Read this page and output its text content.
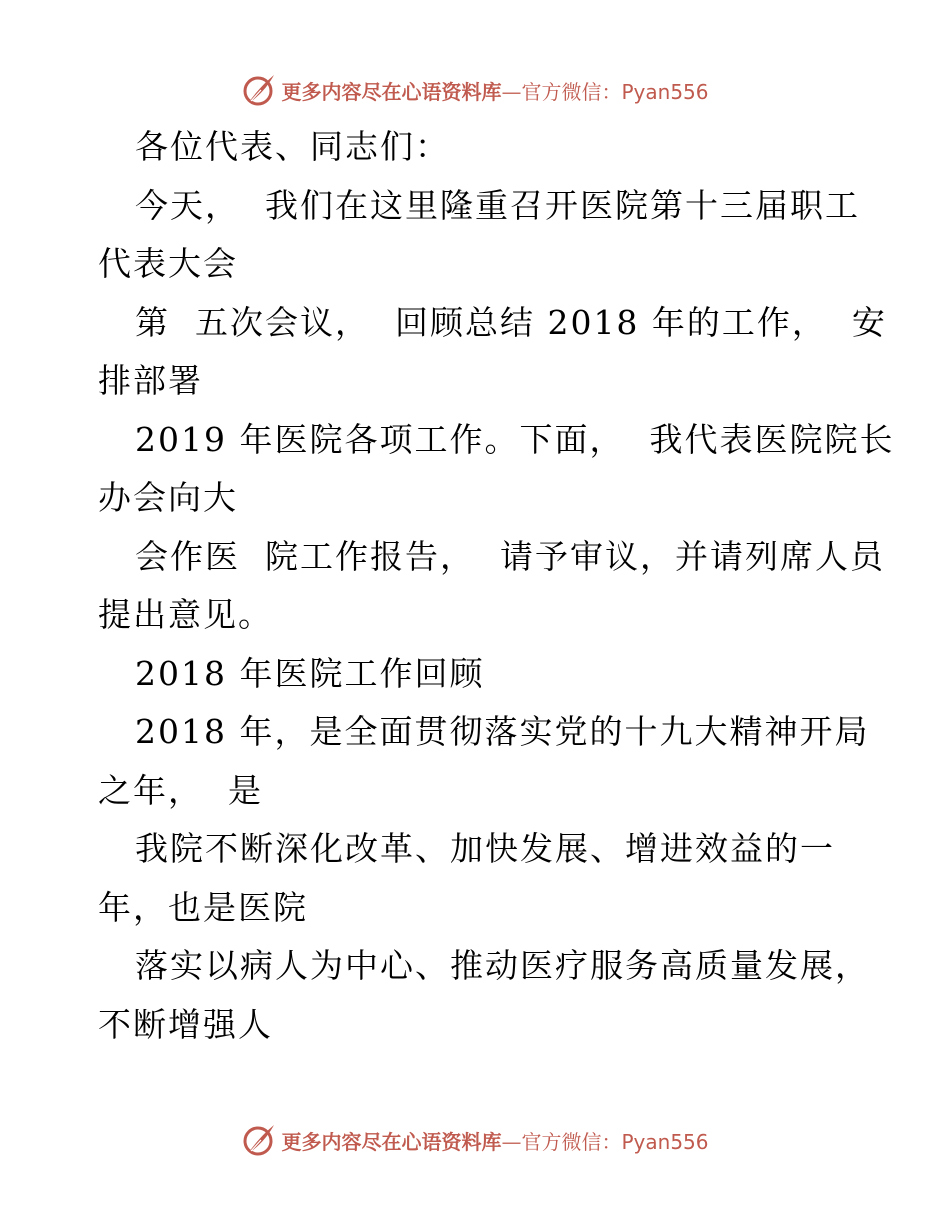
更多内容尽在心语资料库—官方微信：Pyan556
各位代表、同志们：
今天，  我们在这里隆重召开医院第十三届职工
代表大会
第  五次会议，  回顾总结 2018 年的工作，  安
排部署
2019 年医院各项工作。下面，  我代表医院院长
办会向大
会作医  院工作报告，  请予审议，并请列席人员
提出意见。
2018 年医院工作回顾
2018 年，是全面贯彻落实党的十九大精神开局
之年，  是
我院不断深化改革、加快发展、增进效益的一
年，也是医院
落实以病人为中心、推动医疗服务高质量发展，
不断增强人
更多内容尽在心语资料库—官方微信：Pyan556
